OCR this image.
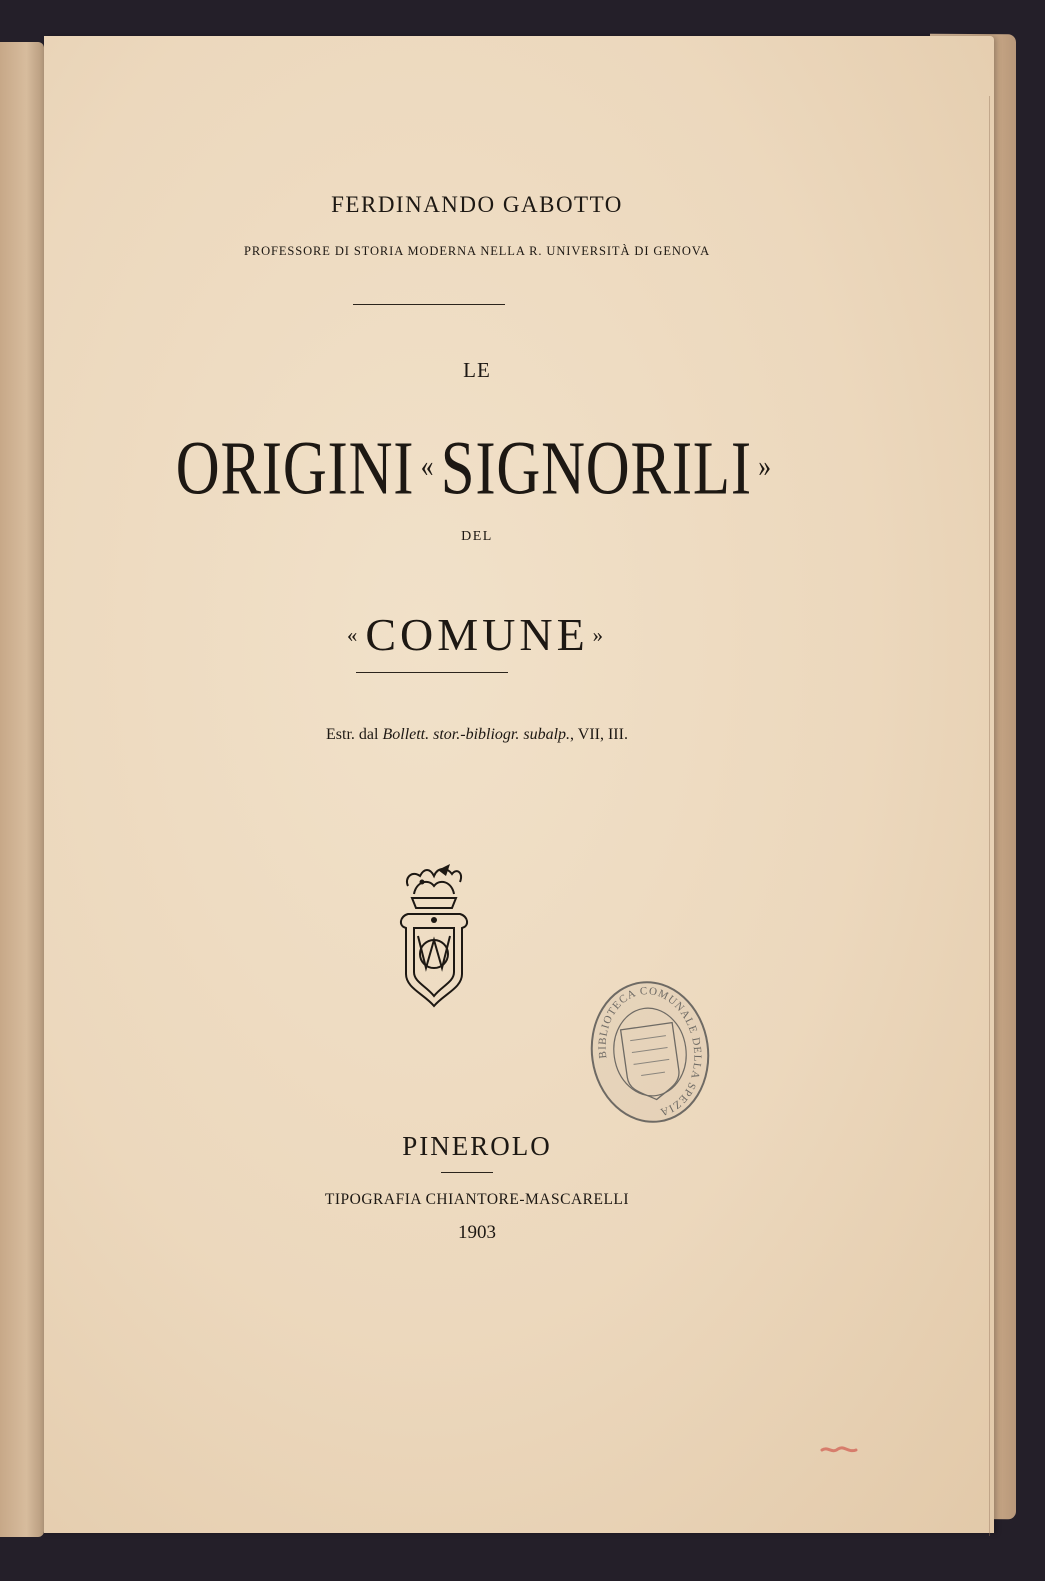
FERDINANDO GABOTTO
PROFESSORE DI STORIA MODERNA NELLA R. UNIVERSITÀ DI GENOVA
LE
ORIGINI «SIGNORILI »
DEL
«COMUNE »
Estr. dal Bollett. stor.-bibliogr. subalp., VII, III.
BIBLIOTECA COMUNALE DELLA SPEZIA
PINEROLO
TIPOGRAFIA CHIANTORE-MASCARELLI
1903
